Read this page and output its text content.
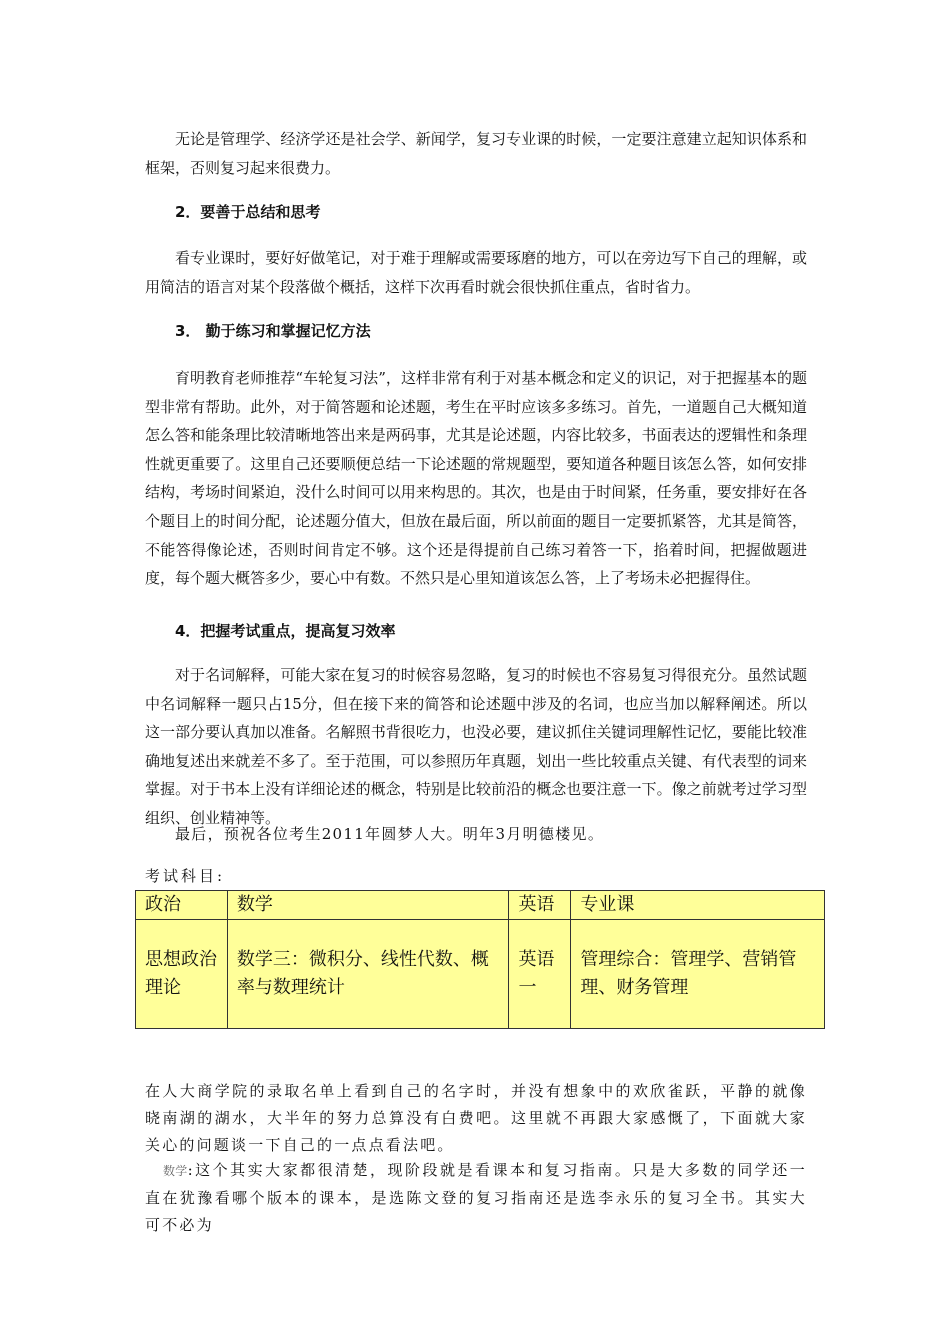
无论是管理学、经济学还是社会学、新闻学，复习专业课的时候，一定要注意建立起知识体系和框架，否则复习起来很费力。

2．要善于总结和思考

看专业课时，要好好做笔记，对于难于理解或需要琢磨的地方，可以在旁边写下自己的理解，或用简洁的语言对某个段落做个概括，这样下次再看时就会很快抓住重点，省时省力。

3． 勤于练习和掌握记忆方法

育明教育老师推荐“车轮复习法”，这样非常有利于对基本概念和定义的识记，对于把握基本的题型非常有帮助。此外，对于简答题和论述题，考生在平时应该多多练习。首先，一道题自己大概知道怎么答和能条理比较清晰地答出来是两码事，尤其是论述题，内容比较多，书面表达的逻辑性和条理性就更重要了。这里自己还要顺便总结一下论述题的常规题型，要知道各种题目该怎么答，如何安排结构，考场时间紧迫，没什么时间可以用来构思的。其次，也是由于时间紧，任务重，要安排好在各个题目上的时间分配，论述题分值大，但放在最后面，所以前面的题目一定要抓紧答，尤其是简答，不能答得像论述，否则时间肯定不够。这个还是得提前自己练习着答一下，掐着时间，把握做题进度，每个题大概答多少，要心中有数。不然只是心里知道该怎么答，上了考场未必把握得住。

4．把握考试重点，提高复习效率

对于名词解释，可能大家在复习的时候容易忽略，复习的时候也不容易复习得很充分。虽然试题中名词解释一题只占15分，但在接下来的简答和论述题中涉及的名词，也应当加以解释阐述。所以这一部分要认真加以准备。名解照书背很吃力，也没必要，建议抓住关键词理解性记忆，要能比较准确地复述出来就差不多了。至于范围，可以参照历年真题，划出一些比较重点关键、有代表型的词来掌握。对于书本上没有详细论述的概念，特别是比较前沿的概念也要注意一下。像之前就考过学习型组织、创业精神等。

最后，预祝各位考生2011年圆梦人大。明年3月明德楼见。

考试科目:

政治	数学	英语	专业课
思想政治理论	数学三：微积分、线性代数、概率与数理统计	英语一	管理综合：管理学、营销管理、财务管理

在人大商学院的录取名单上看到自己的名字时，并没有想象中的欢欣雀跃，平静的就像晓南湖的湖水，大半年的努力总算没有白费吧。这里就不再跟大家感慨了，下面就大家关心的问题谈一下自己的一点点看法吧。

数学:这个其实大家都很清楚，现阶段就是看课本和复习指南。只是大多数的同学还一直在犹豫看哪个版本的课本，是选陈文登的复习指南还是选李永乐的复习全书。其实大可不必为
